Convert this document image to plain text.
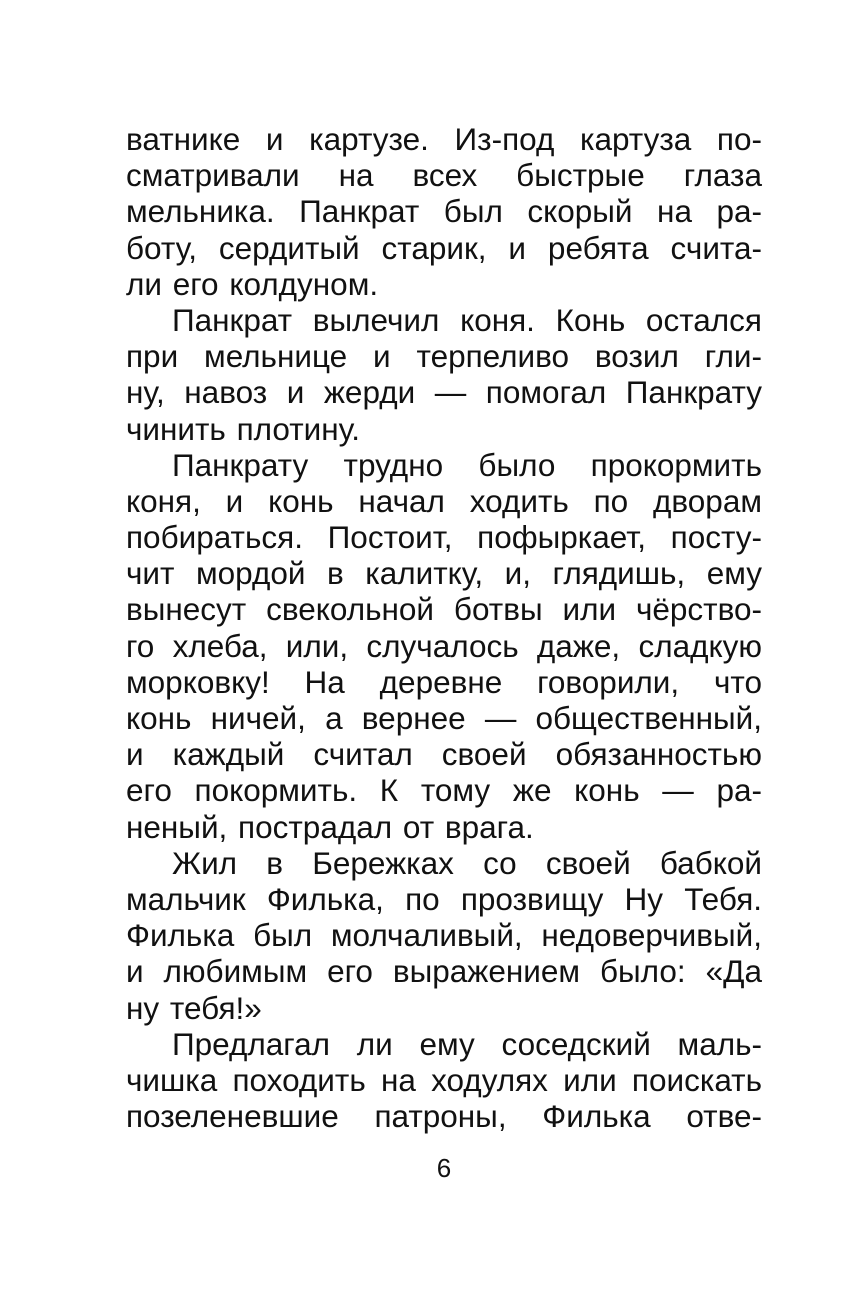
ватнике и картузе. Из-под картуза по-
сматривали на всех быстрые глаза
мельника. Панкрат был скорый на ра-
боту, сердитый старик, и ребята счита-
ли его колдуном.
Панкрат вылечил коня. Конь остался
при мельнице и терпеливо возил гли-
ну, навоз и жерди — помогал Панкрату
чинить плотину.
Панкрату трудно было прокормить
коня, и конь начал ходить по дворам
побираться. Постоит, пофыркает, посту-
чит мордой в калитку, и, глядишь, ему
вынесут свекольной ботвы или чёрство-
го хлеба, или, случалось даже, сладкую
морковку! На деревне говорили, что
конь ничей, а вернее — общественный,
и каждый считал своей обязанностью
его покормить. К тому же конь — ра-
неный, пострадал от врага.
Жил в Бережках со своей бабкой
мальчик Филька, по прозвищу Ну Тебя.
Филька был молчаливый, недоверчивый,
и любимым его выражением было: «Да
ну тебя!»
Предлагал ли ему соседский маль-
чишка походить на ходулях или поискать
позеленевшие патроны, Филька отве-
6
